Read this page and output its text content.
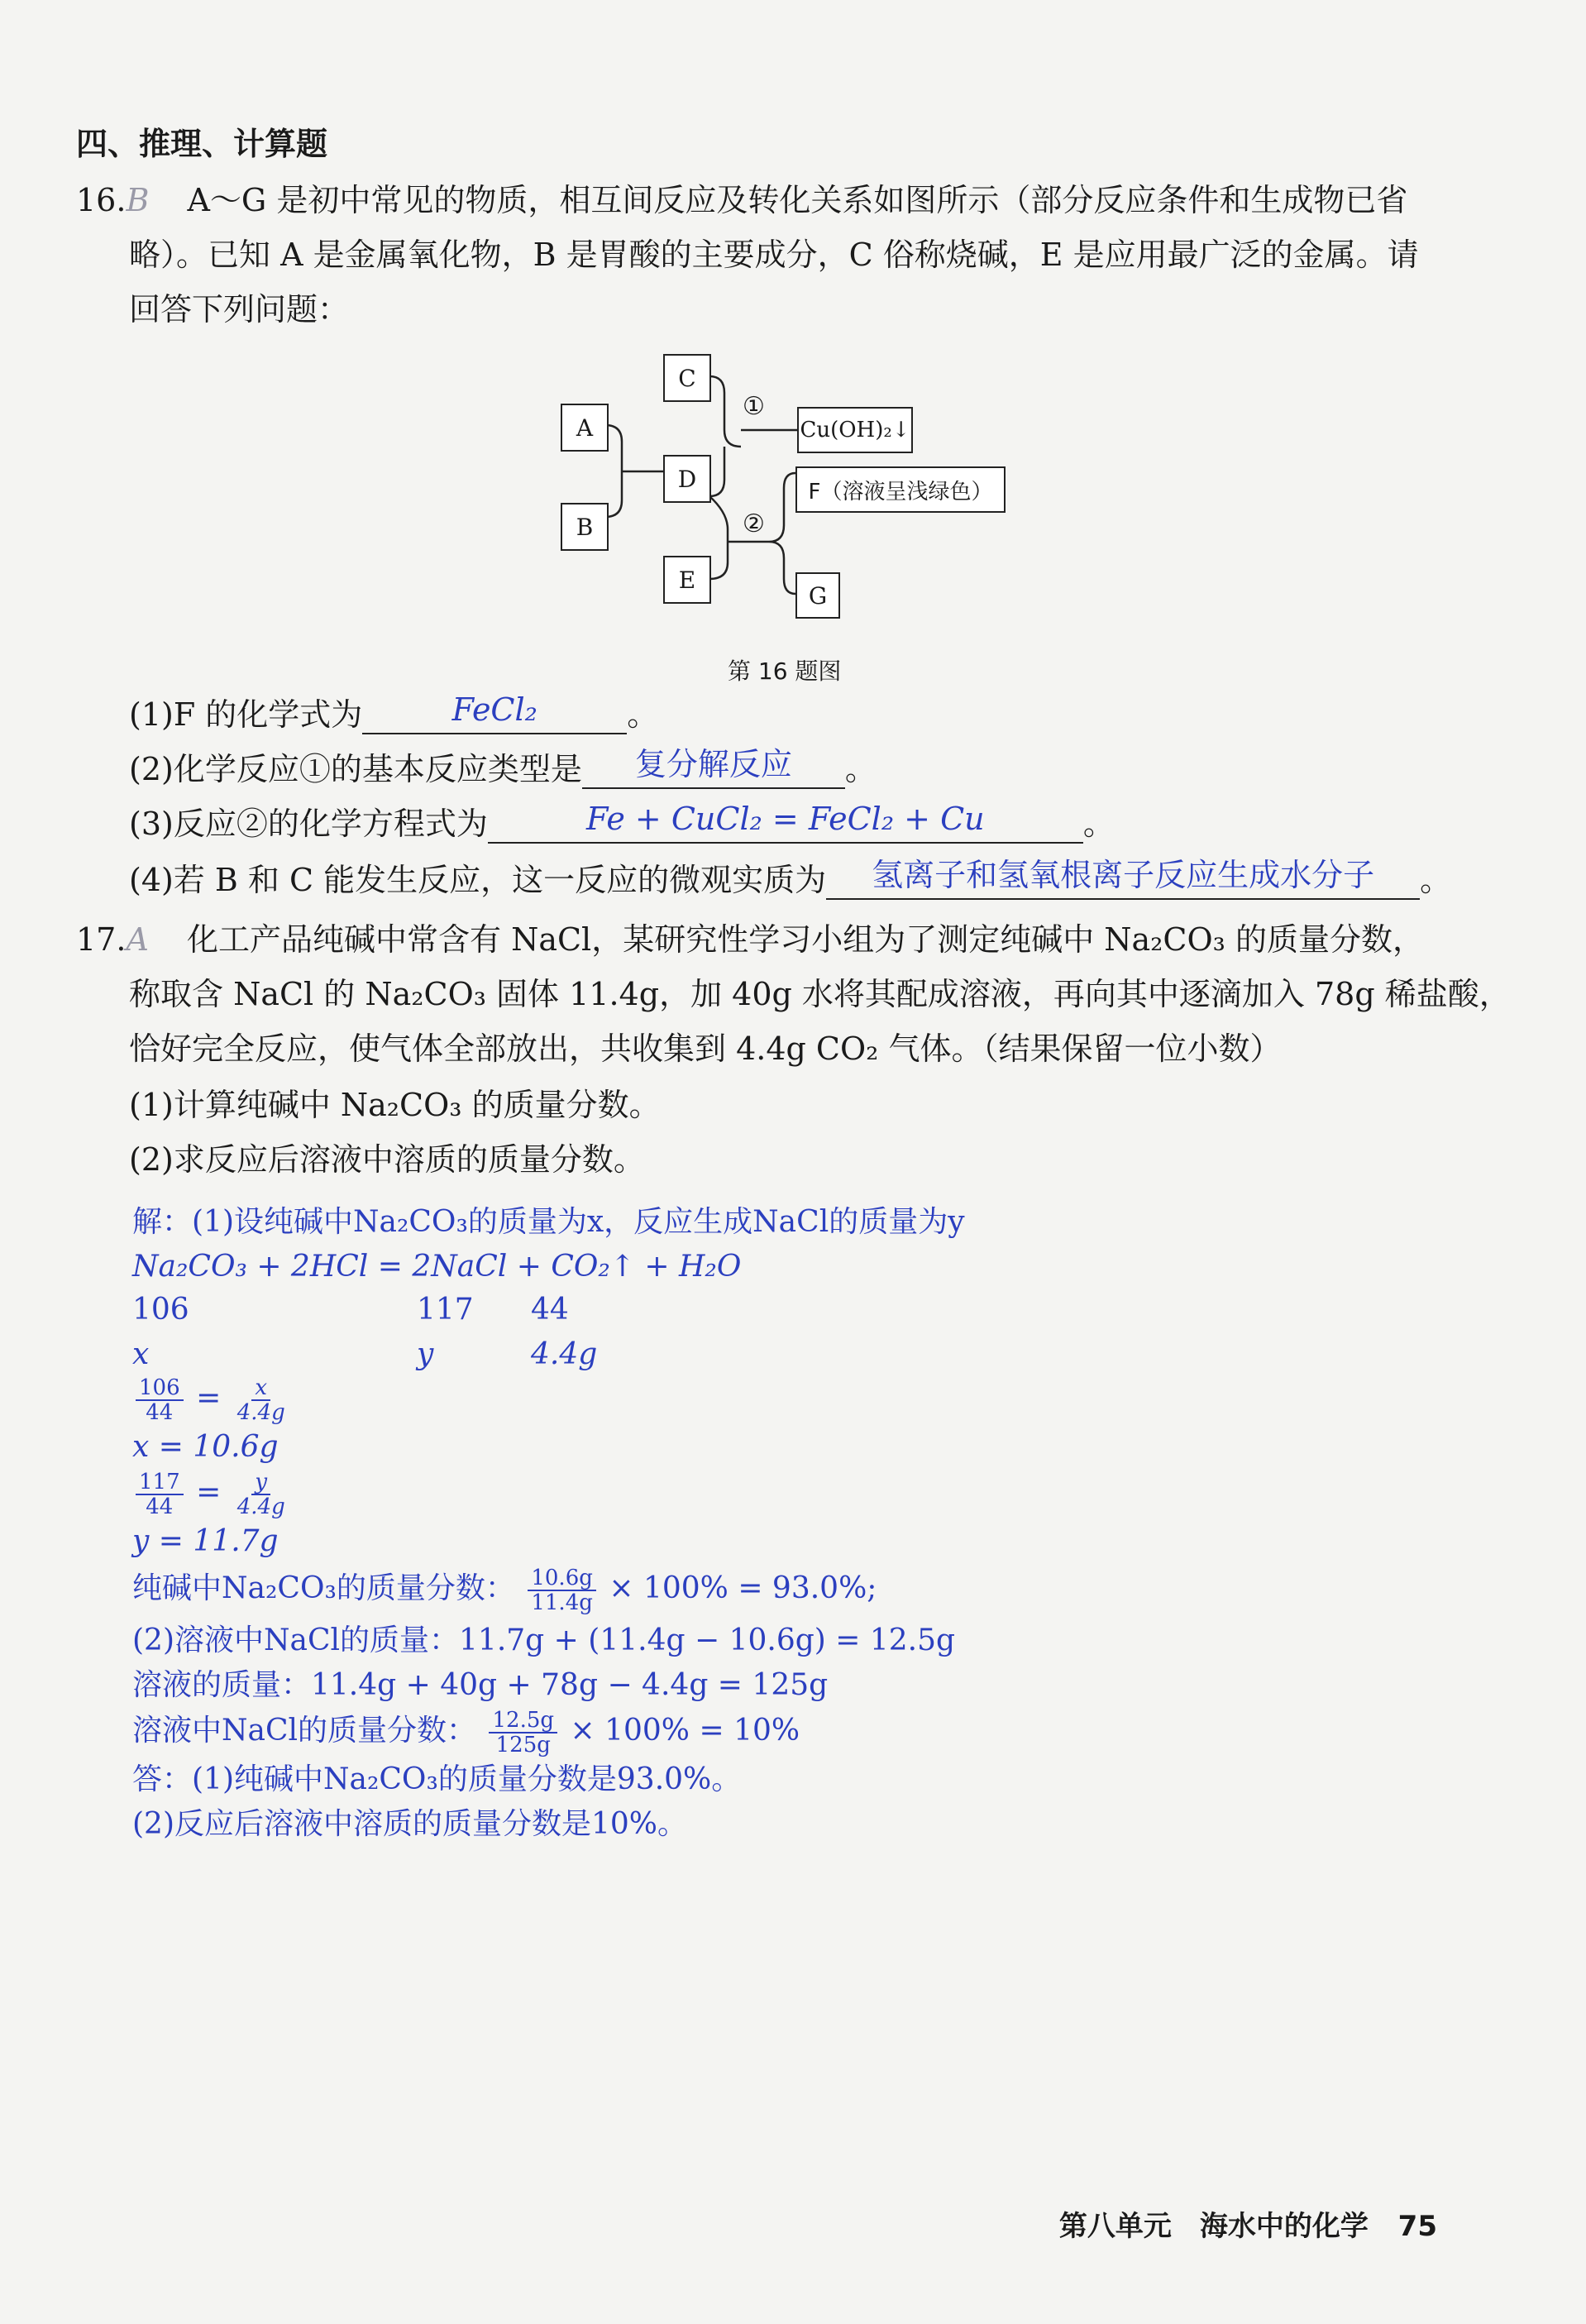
四、推理、计算题
16.B A～G 是初中常见的物质，相互间反应及转化关系如图所示（部分反应条件和生成物已省
略）。已知 A 是金属氧化物，B 是胃酸的主要成分，C 俗称烧碱，E 是应用最广泛的金属。请
回答下列问题：
C
A
D
B
E
Cu(OH)₂↓
F（溶液呈浅绿色）
G
①
②
第 16 题图
(1)F 的化学式为	FeCl₂	。
(2)化学反应①的基本反应类型是	复分解反应	。
(3)反应②的化学方程式为	Fe + CuCl₂ = FeCl₂ + Cu	。
(4)若 B 和 C 能发生反应，这一反应的微观实质为	氢离子和氢氧根离子反应生成水分子	。
17.A 化工产品纯碱中常含有 NaCl，某研究性学习小组为了测定纯碱中 Na₂CO₃ 的质量分数，
称取含 NaCl 的 Na₂CO₃ 固体 11.4g，加 40g 水将其配成溶液，再向其中逐滴加入 78g 稀盐酸，
恰好完全反应，使气体全部放出，共收集到 4.4g CO₂ 气体。（结果保留一位小数）
(1)计算纯碱中 Na₂CO₃ 的质量分数。
(2)求反应后溶液中溶质的质量分数。
解：(1)设纯碱中Na₂CO₃的质量为x，反应生成NaCl的质量为y
Na₂CO₃ + 2HCl = 2NaCl + CO₂↑ + H₂O
106	117 44
x	y	4.4g
$\frac{106}{44} = \frac{x}{4.4g}$
x = 10.6g
$\frac{117}{44} = \frac{y}{4.4g}$
y = 11.7g
纯碱中Na₂CO₃的质量分数： $\frac{10.6g}{11.4g} \times 100\% = 93.0\%$;
(2)溶液中NaCl的质量：11.7g + (11.4g − 10.6g) = 12.5g
溶液的质量：11.4g + 40g + 78g − 4.4g = 125g
溶液中NaCl的质量分数： $\frac{12.5g}{125g} \times 100\% = 10\%$
答：(1)纯碱中Na₂CO₃的质量分数是93.0%。
(2)反应后溶液中溶质的质量分数是10%。
第八单元　海水中的化学 75
